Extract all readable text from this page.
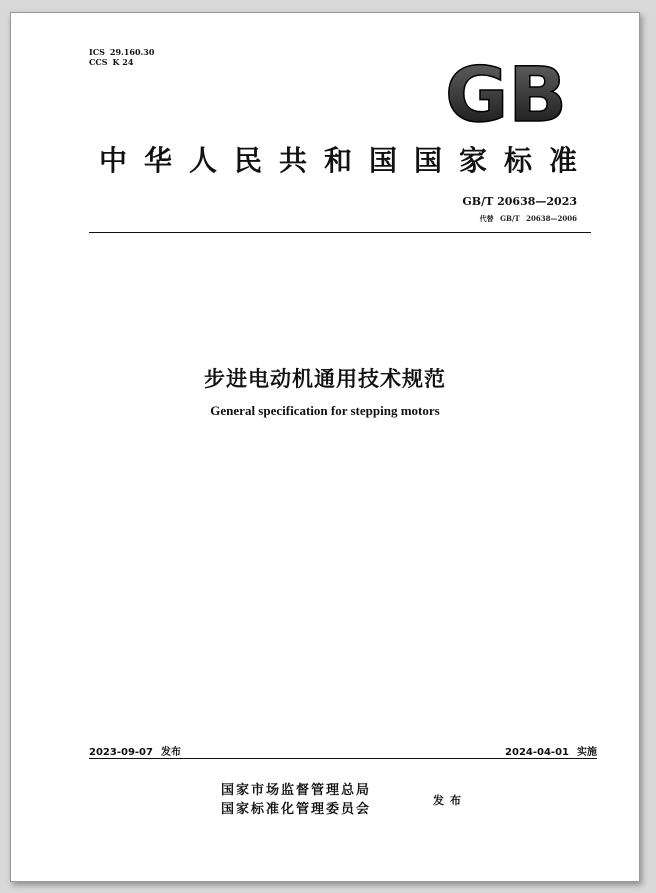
ICS 29.160.30
CCS K 24	GB
中华人民共和国国家标准
GB/T 20638—2023
代替 GB/T 20638—2006
步进电动机通用技术规范
General specification for stepping motors
2023-09-07 发布	2024-04-01 实施
国家市场监督管理总局
国家标准化管理委员会
发布
